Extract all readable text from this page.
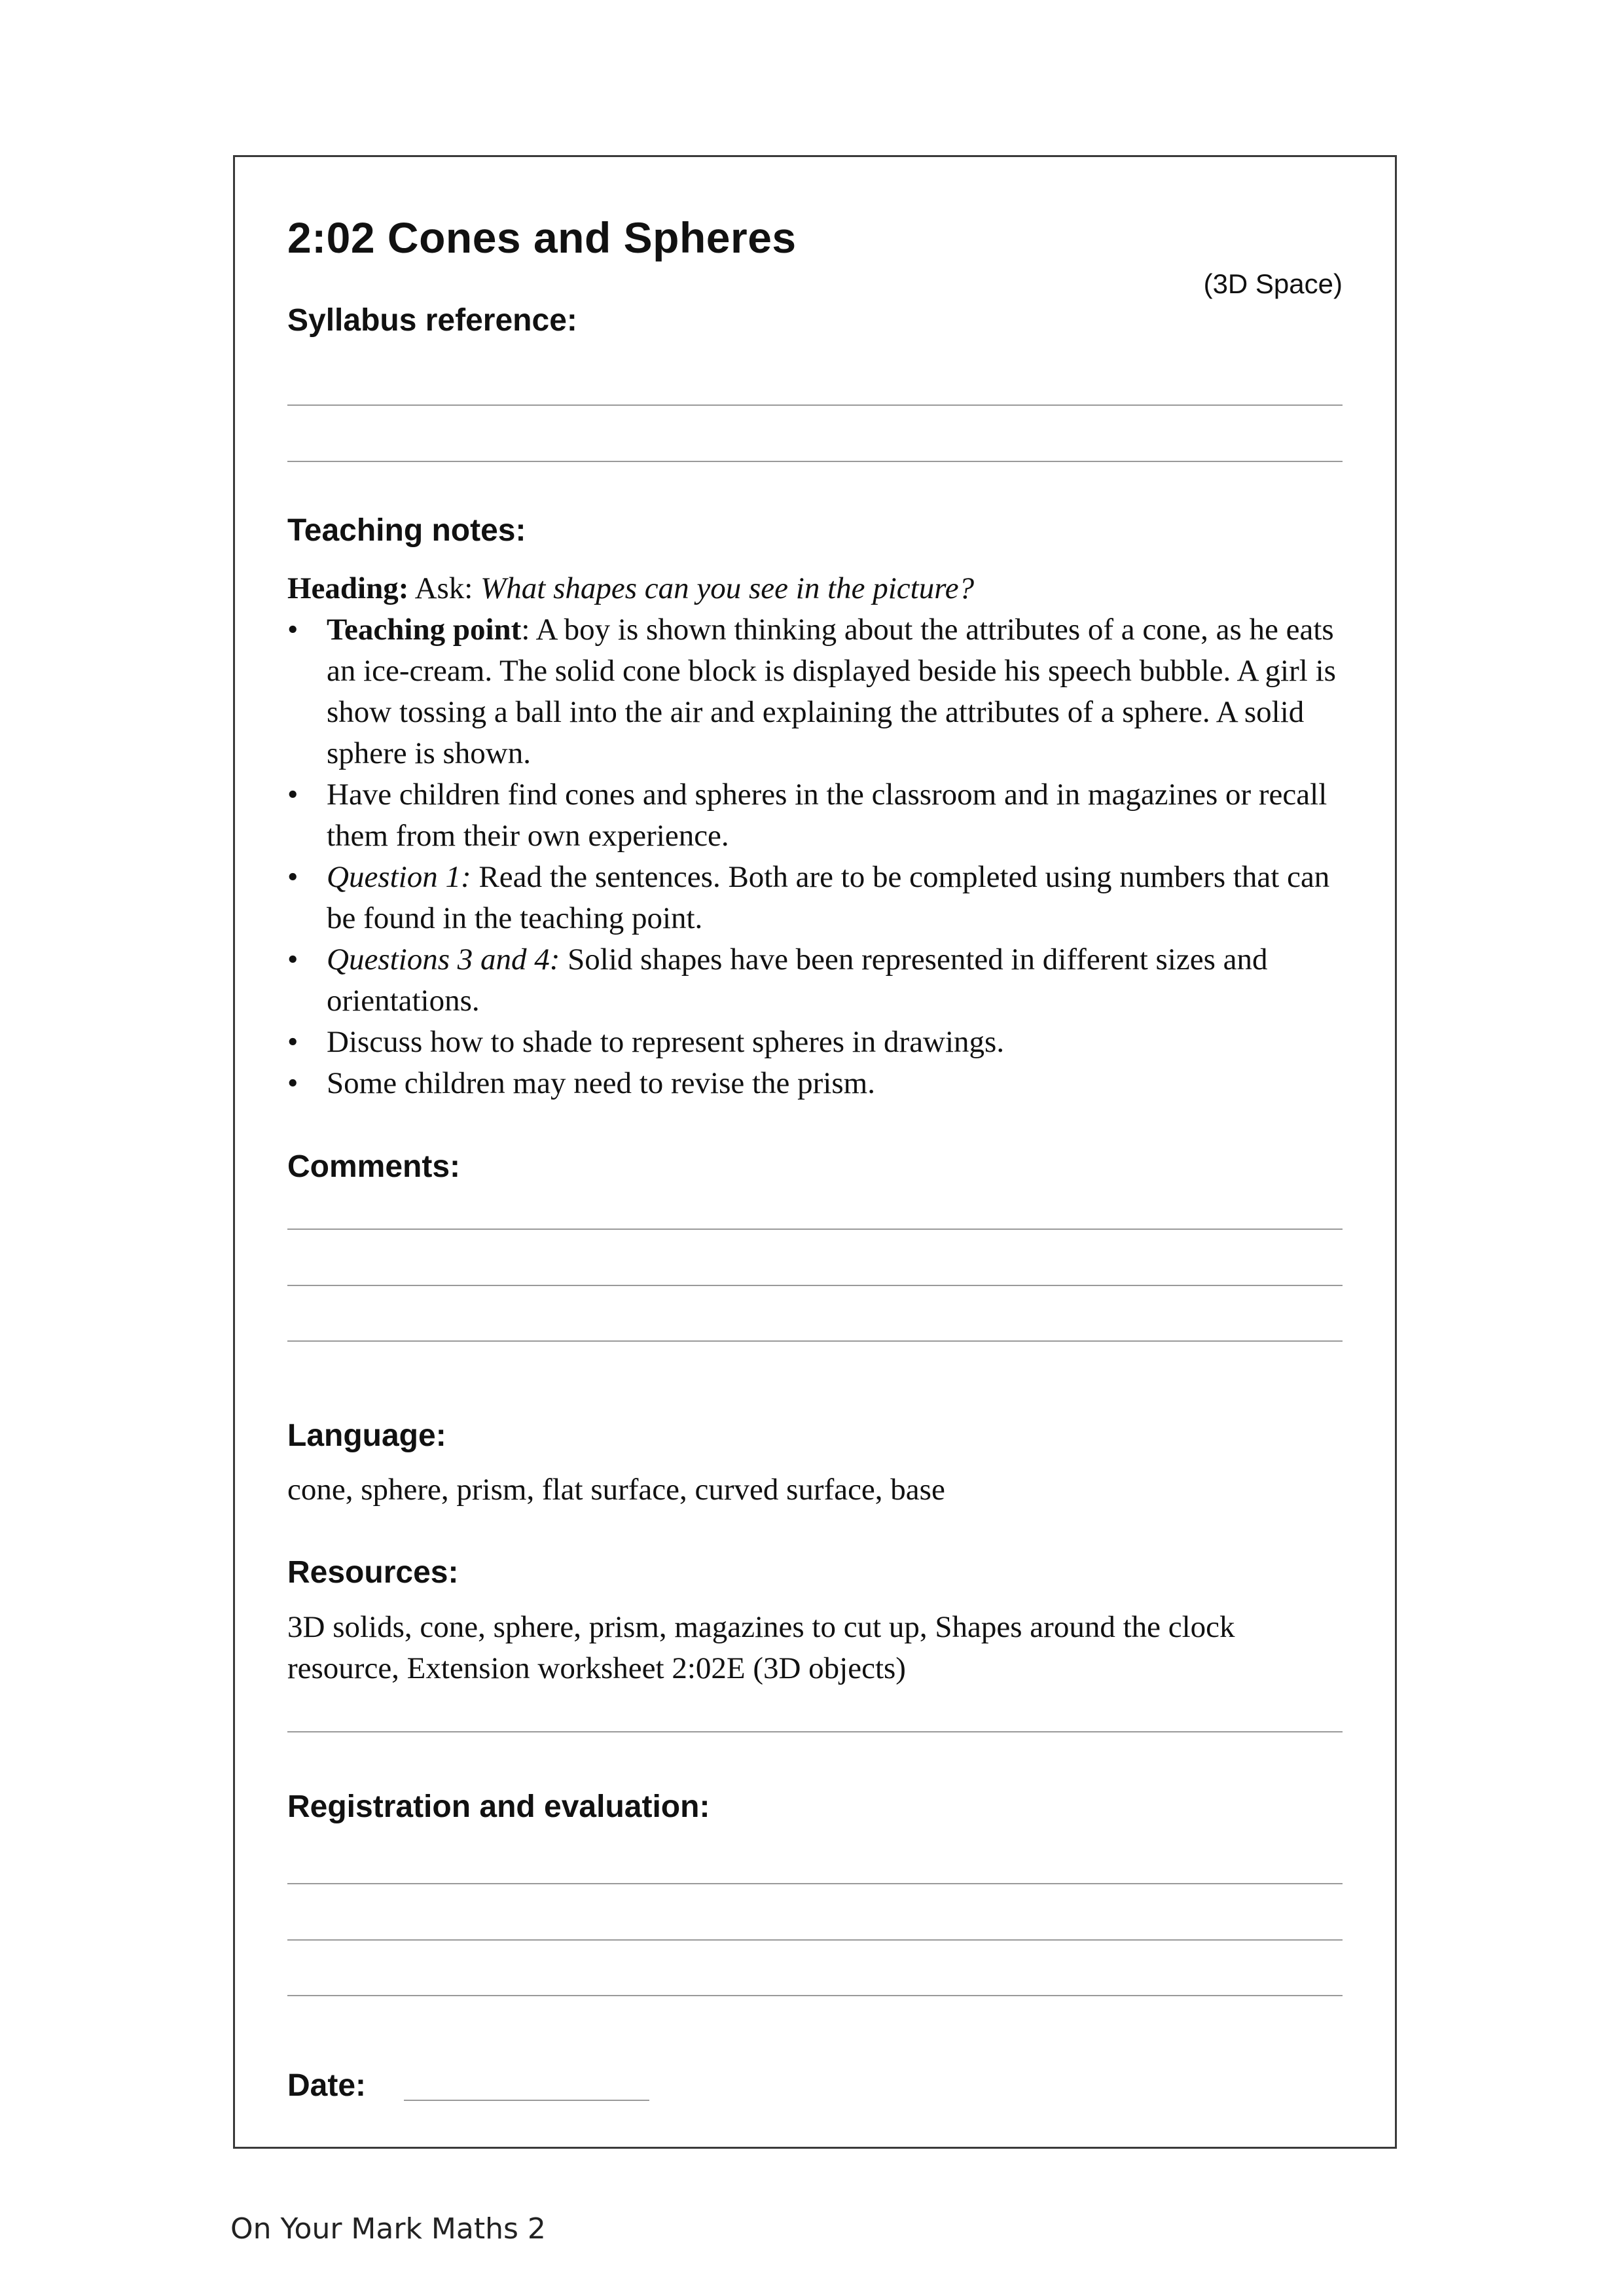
2:02 Cones and Spheres
(3D Space)
Syllabus reference:
Teaching notes:
Heading: Ask: What shapes can you see in the picture?
• Teaching point: A boy is shown thinking about the attributes of a cone, as he eats an ice-cream. The solid cone block is displayed beside his speech bubble. A girl is show tossing a ball into the air and explaining the attributes of a sphere. A solid sphere is shown.
• Have children find cones and spheres in the classroom and in magazines or recall them from their own experience.
• Question 1: Read the sentences. Both are to be completed using numbers that can be found in the teaching point.
• Questions 3 and 4: Solid shapes have been represented in different sizes and orientations.
• Discuss how to shade to represent spheres in drawings.
• Some children may need to revise the prism.
Comments:
Language:
cone, sphere, prism, flat surface, curved surface, base
Resources:
3D solids, cone, sphere, prism, magazines to cut up, Shapes around the clock resource, Extension worksheet 2:02E (3D objects)
Registration and evaluation:
Date:
On Your Mark Maths 2
